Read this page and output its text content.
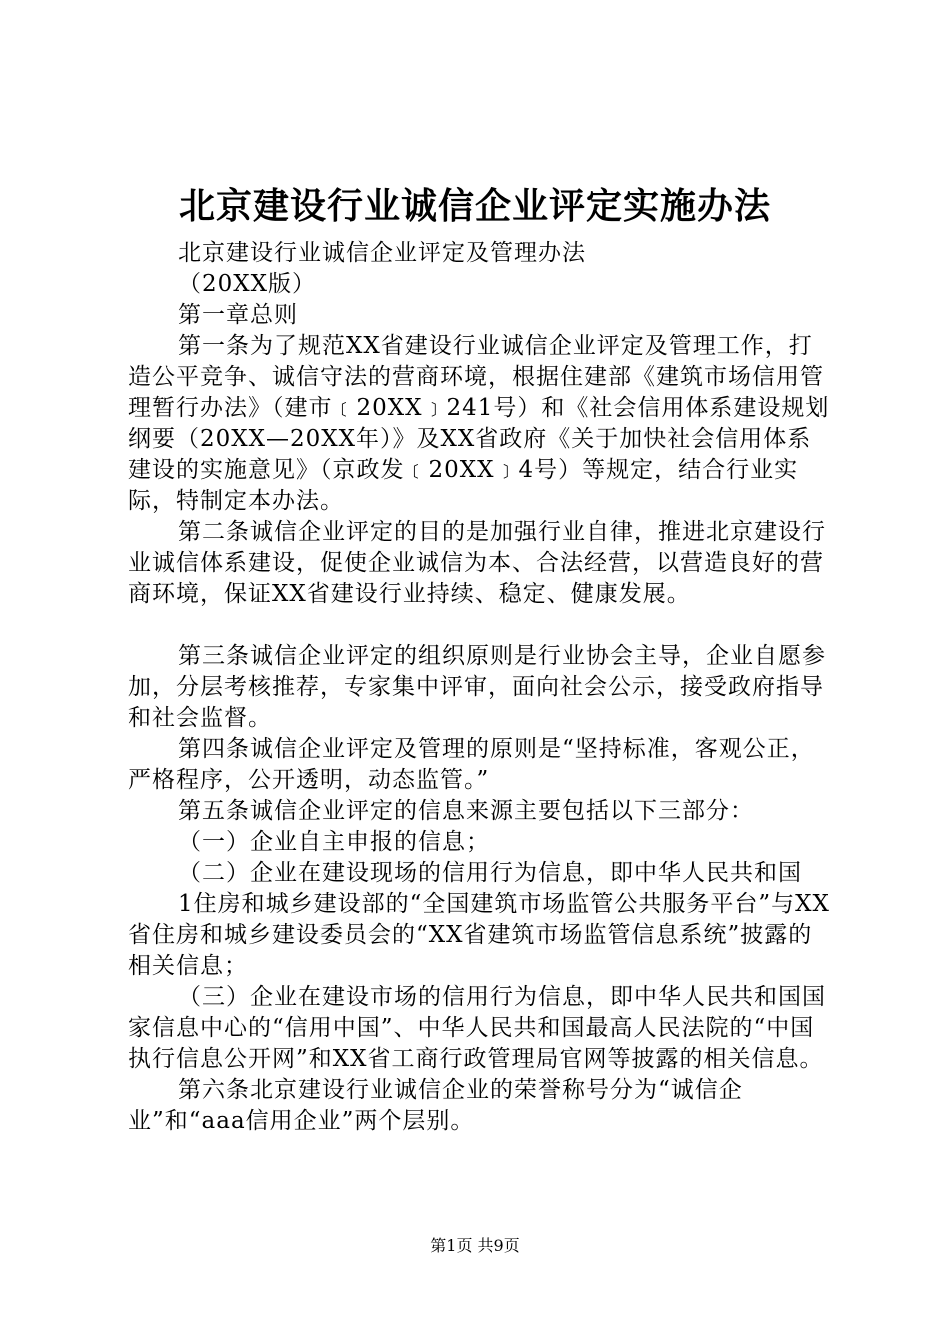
北京建设行业诚信企业评定实施办法

北京建设行业诚信企业评定及管理办法

（20XX版）

第一章总则

第一条为了规范XX省建设行业诚信企业评定及管理工作，打造公平竞争、诚信守法的营商环境，根据住建部《建筑市场信用管理暂行办法》（建市﹝20XX﹞241号）和《社会信用体系建设规划纲要（20XX—20XX年）》及XX省政府《关于加快社会信用体系建设的实施意见》（京政发﹝20XX﹞4号）等规定，结合行业实际，特制定本办法。

第二条诚信企业评定的目的是加强行业自律，推进北京建设行业诚信体系建设，促使企业诚信为本、合法经营，以营造良好的营商环境，保证XX省建设行业持续、稳定、健康发展。

第三条诚信企业评定的组织原则是行业协会主导，企业自愿参加，分层考核推荐，专家集中评审，面向社会公示，接受政府指导和社会监督。

第四条诚信企业评定及管理的原则是“坚持标准，客观公正，严格程序，公开透明，动态监管。”

第五条诚信企业评定的信息来源主要包括以下三部分：

（一）企业自主申报的信息；

（二）企业在建设现场的信用行为信息，即中华人民共和国

1住房和城乡建设部的“全国建筑市场监管公共服务平台”与XX省住房和城乡建设委员会的“XX省建筑市场监管信息系统”披露的相关信息；

（三）企业在建设市场的信用行为信息，即中华人民共和国国家信息中心的“信用中国”、中华人民共和国最高人民法院的“中国执行信息公开网”和XX省工商行政管理局官网等披露的相关信息。

第六条北京建设行业诚信企业的荣誉称号分为“诚信企业”和“aaa信用企业”两个层别。

第1页 共9页
